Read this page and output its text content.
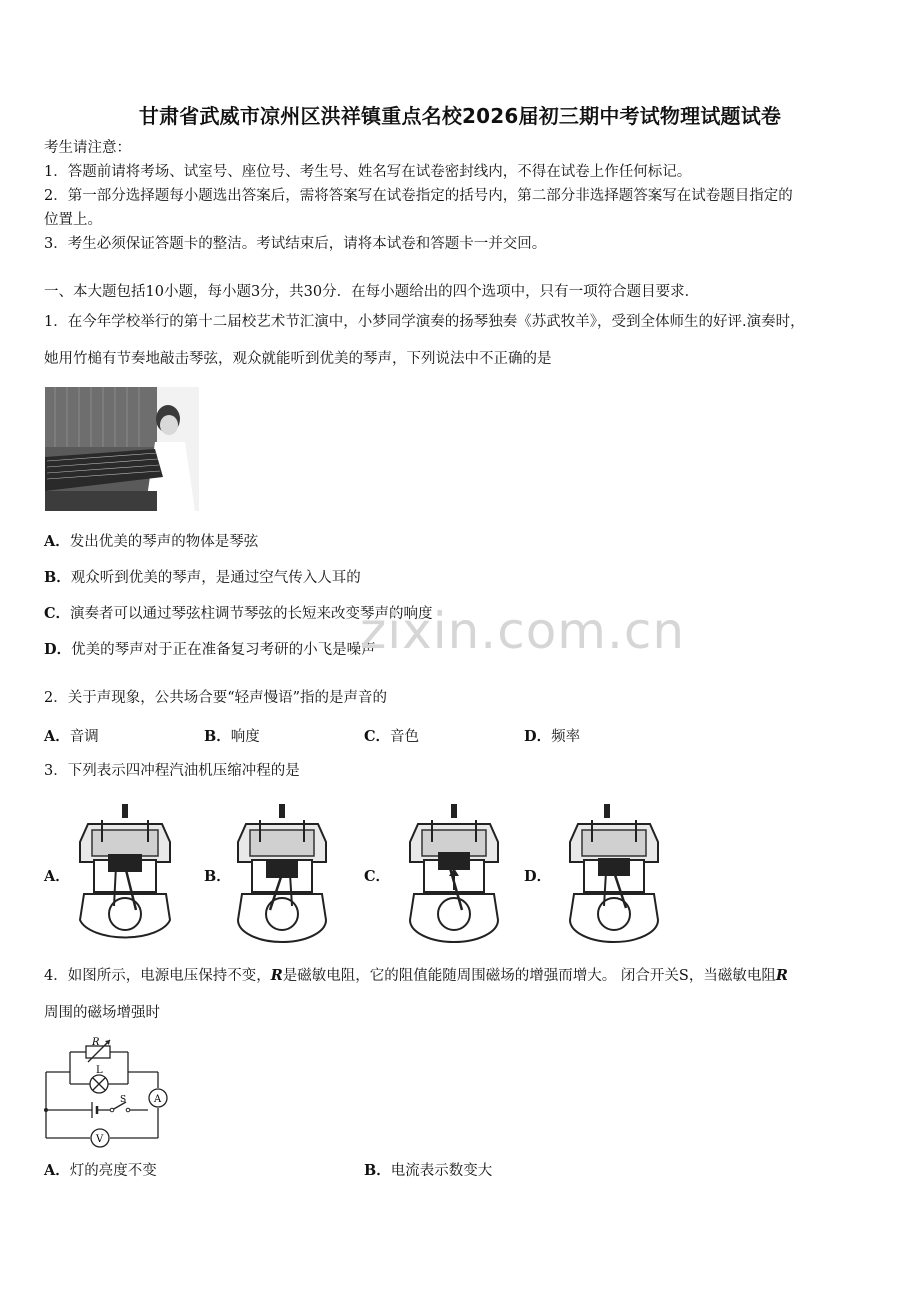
甘肃省武威市凉州区洪祥镇重点名校2026届初三期中考试物理试题试卷
考生请注意：
1．答题前请将考场、试室号、座位号、考生号、姓名写在试卷密封线内，不得在试卷上作任何标记。
2．第一部分选择题每小题选出答案后，需将答案写在试卷指定的括号内，第二部分非选择题答案写在试卷题目指定的
位置上。
3．考生必须保证答题卡的整洁。考试结束后，请将本试卷和答题卡一并交回。
一、本大题包括10小题，每小题3分，共30分．在每小题给出的四个选项中，只有一项符合题目要求．
1．在今年学校举行的第十二届校艺术节汇演中，小梦同学演奏的扬琴独奏《苏武牧羊》，受到全体师生的好评.演奏时，
她用竹槌有节奏地敲击琴弦，观众就能听到优美的琴声，下列说法中不正确的是
A．发出优美的琴声的物体是琴弦
B．观众听到优美的琴声，是通过空气传入人耳的
C．演奏者可以通过琴弦柱调节琴弦的长短来改变琴声的响度
D．优美的琴声对于正在准备复习考研的小飞是噪声
zixin.com.cn
2．关于声现象，公共场合要“轻声慢语”指的是声音的
A．音调	B．响度	C．音色	D．频率
3．下列表示四冲程汽油机压缩冲程的是
A．	B．	C．	D．
4．如图所示，电源电压保持不变，R是磁敏电阻，它的阻值能随周围磁场的增强而增大。 闭合开关S，当磁敏电阻R
周围的磁场增强时
R
L
S	A
V
A．灯的亮度不变	B．电流表示数变大
